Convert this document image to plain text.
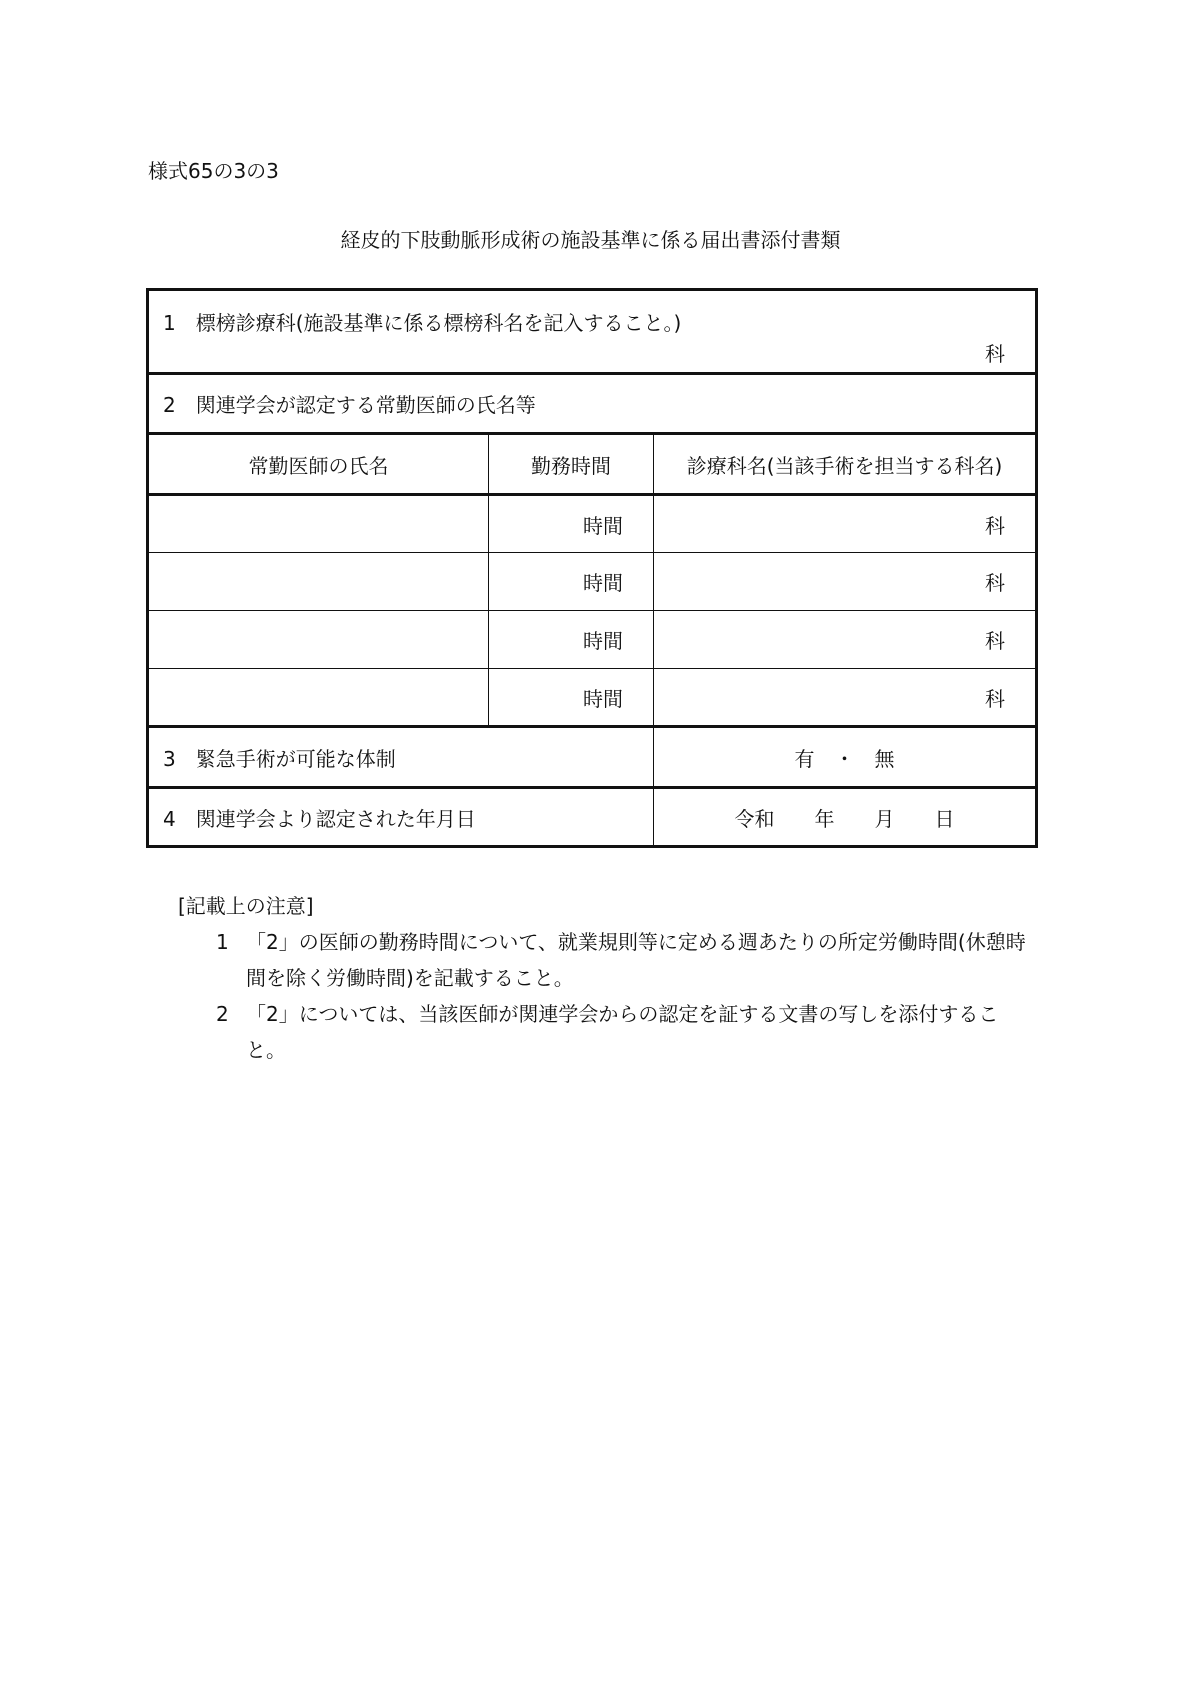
様式65の3の3
経皮的下肢動脈形成術の施設基準に係る届出書添付書類
1　標榜診療科(施設基準に係る標榜科名を記入すること。)
科		

2　関連学会が認定する常勤医師の氏名等		
常勤医師の氏名	勤務時間	診療科名(当該手術を担当する科名)
	時間	科
	時間	科
	時間	科
	時間	科
3　緊急手術が可能な体制		有　・　無
4　関連学会より認定された年月日		令和　　年　　月　　日
[記載上の注意]
1 「2」の医師の勤務時間について、就業規則等に定める週あたりの所定労働時間(休憩時間を除く労働時間)を記載すること。
2 「2」については、当該医師が関連学会からの認定を証する文書の写しを添付すること。
